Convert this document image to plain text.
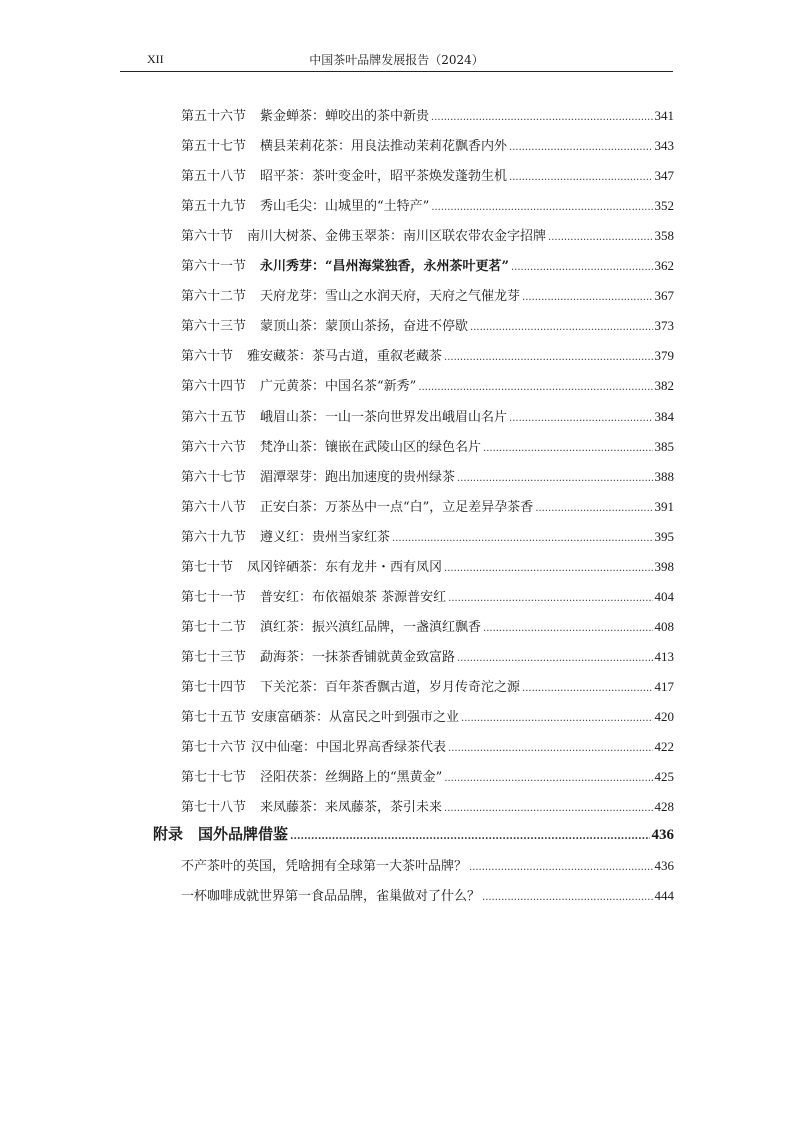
XII	中国茶叶品牌发展报告（2024）
第五十六节 紫金蝉茶：蝉咬出的茶中新贵 .....	341
第五十七节 横县茉莉花茶：用良法推动茉莉花飘香内外 .....	343
第五十八节 昭平茶：茶叶变金叶，昭平茶焕发蓬勃生机 .....	347
第五十九节 秀山毛尖：山城里的“土特产” .....	352
第六十节 南川大树茶、金佛玉翠茶：南川区联农带农金字招牌 .....	358
第六十一节 永川秀芽：“昌州海棠独香，永州茶叶更茗” .....	362
第六十二节 天府龙芽：雪山之水润天府，天府之气催龙芽 .....	367
第六十三节 蒙顶山茶：蒙顶山茶扬，奋进不停歇 .....	373
第六十节 雅安藏茶：茶马古道，重叙老藏茶 .....	379
第六十四节 广元黄茶：中国名茶“新秀” .....	382
第六十五节 峨眉山茶：一山一茶向世界发出峨眉山名片 .....	384
第六十六节 梵净山茶：镶嵌在武陵山区的绿色名片 .....	385
第六十七节 湄潭翠芽：跑出加速度的贵州绿茶 .....	388
第六十八节 正安白茶：万茶丛中一点“白”，立足差异孕茶香 .....	391
第六十九节 遵义红：贵州当家红茶 .....	395
第七十节 凤冈锌硒茶：东有龙井・西有凤冈 .....	398
第七十一节 普安红：布依福娘茶 茶源普安红 .....	404
第七十二节 滇红茶：振兴滇红品牌，一盏滇红飘香 .....	408
第七十三节 勐海茶：一抹茶香铺就黄金致富路 .....	413
第七十四节 下关沱茶：百年茶香飘古道，岁月传奇沱之源 .....	417
第七十五节 安康富硒茶：从富民之叶到强市之业 .....	420
第七十六节 汉中仙毫：中国北界高香绿茶代表 .....	422
第七十七节 泾阳茯茶：丝绸路上的“黑黄金” .....	425
第七十八节 来凤藤茶：来凤藤茶，茶引未来 .....	428
附录　国外品牌借鉴 .....	436
不产茶叶的英国，凭啥拥有全球第一大茶叶品牌？ .....	436
一杯咖啡成就世界第一食品品牌，雀巢做对了什么？ .....	444
